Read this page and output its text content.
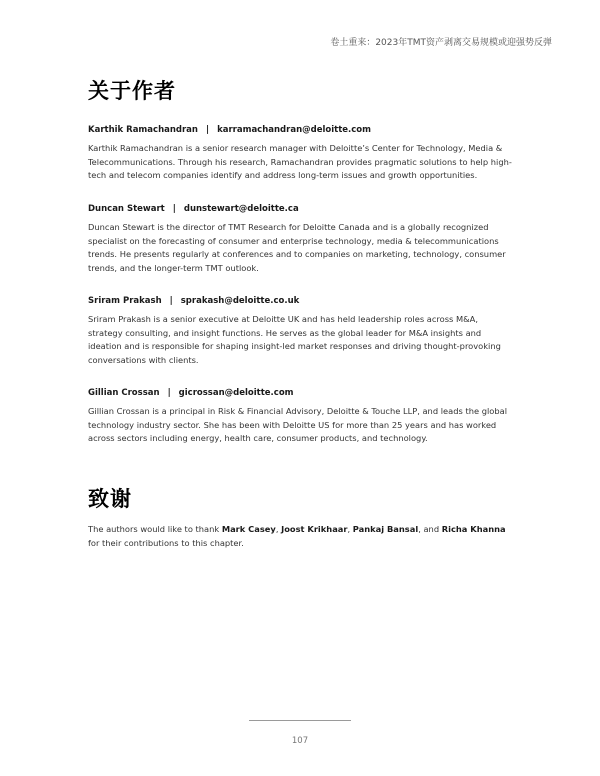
卷土重来：2023年TMT资产剥离交易规模或迎强势反弹
关于作者

Karthik Ramachandran | karramachandran@deloitte.com

Karthik Ramachandran is a senior research manager with Deloitte’s Center for Technology, Media & Telecommunications. Through his research, Ramachandran provides pragmatic solutions to help high-tech and telecom companies identify and address long-term issues and growth opportunities.

Duncan Stewart | dunstewart@deloitte.ca

Duncan Stewart is the director of TMT Research for Deloitte Canada and is a globally recognized specialist on the forecasting of consumer and enterprise technology, media & telecommunications trends. He presents regularly at conferences and to companies on marketing, technology, consumer trends, and the longer-term TMT outlook.

Sriram Prakash | sprakash@deloitte.co.uk

Sriram Prakash is a senior executive at Deloitte UK and has held leadership roles across M&A, strategy consulting, and insight functions. He serves as the global leader for M&A insights and ideation and is responsible for shaping insight-led market responses and driving thought-provoking conversations with clients.

Gillian Crossan | gicrossan@deloitte.com

Gillian Crossan is a principal in Risk & Financial Advisory, Deloitte & Touche LLP, and leads the global technology industry sector. She has been with Deloitte US for more than 25 years and has worked across sectors including energy, health care, consumer products, and technology.

致谢

The authors would like to thank Mark Casey, Joost Krikhaar, Pankaj Bansal, and Richa Khanna for their contributions to this chapter.

107
